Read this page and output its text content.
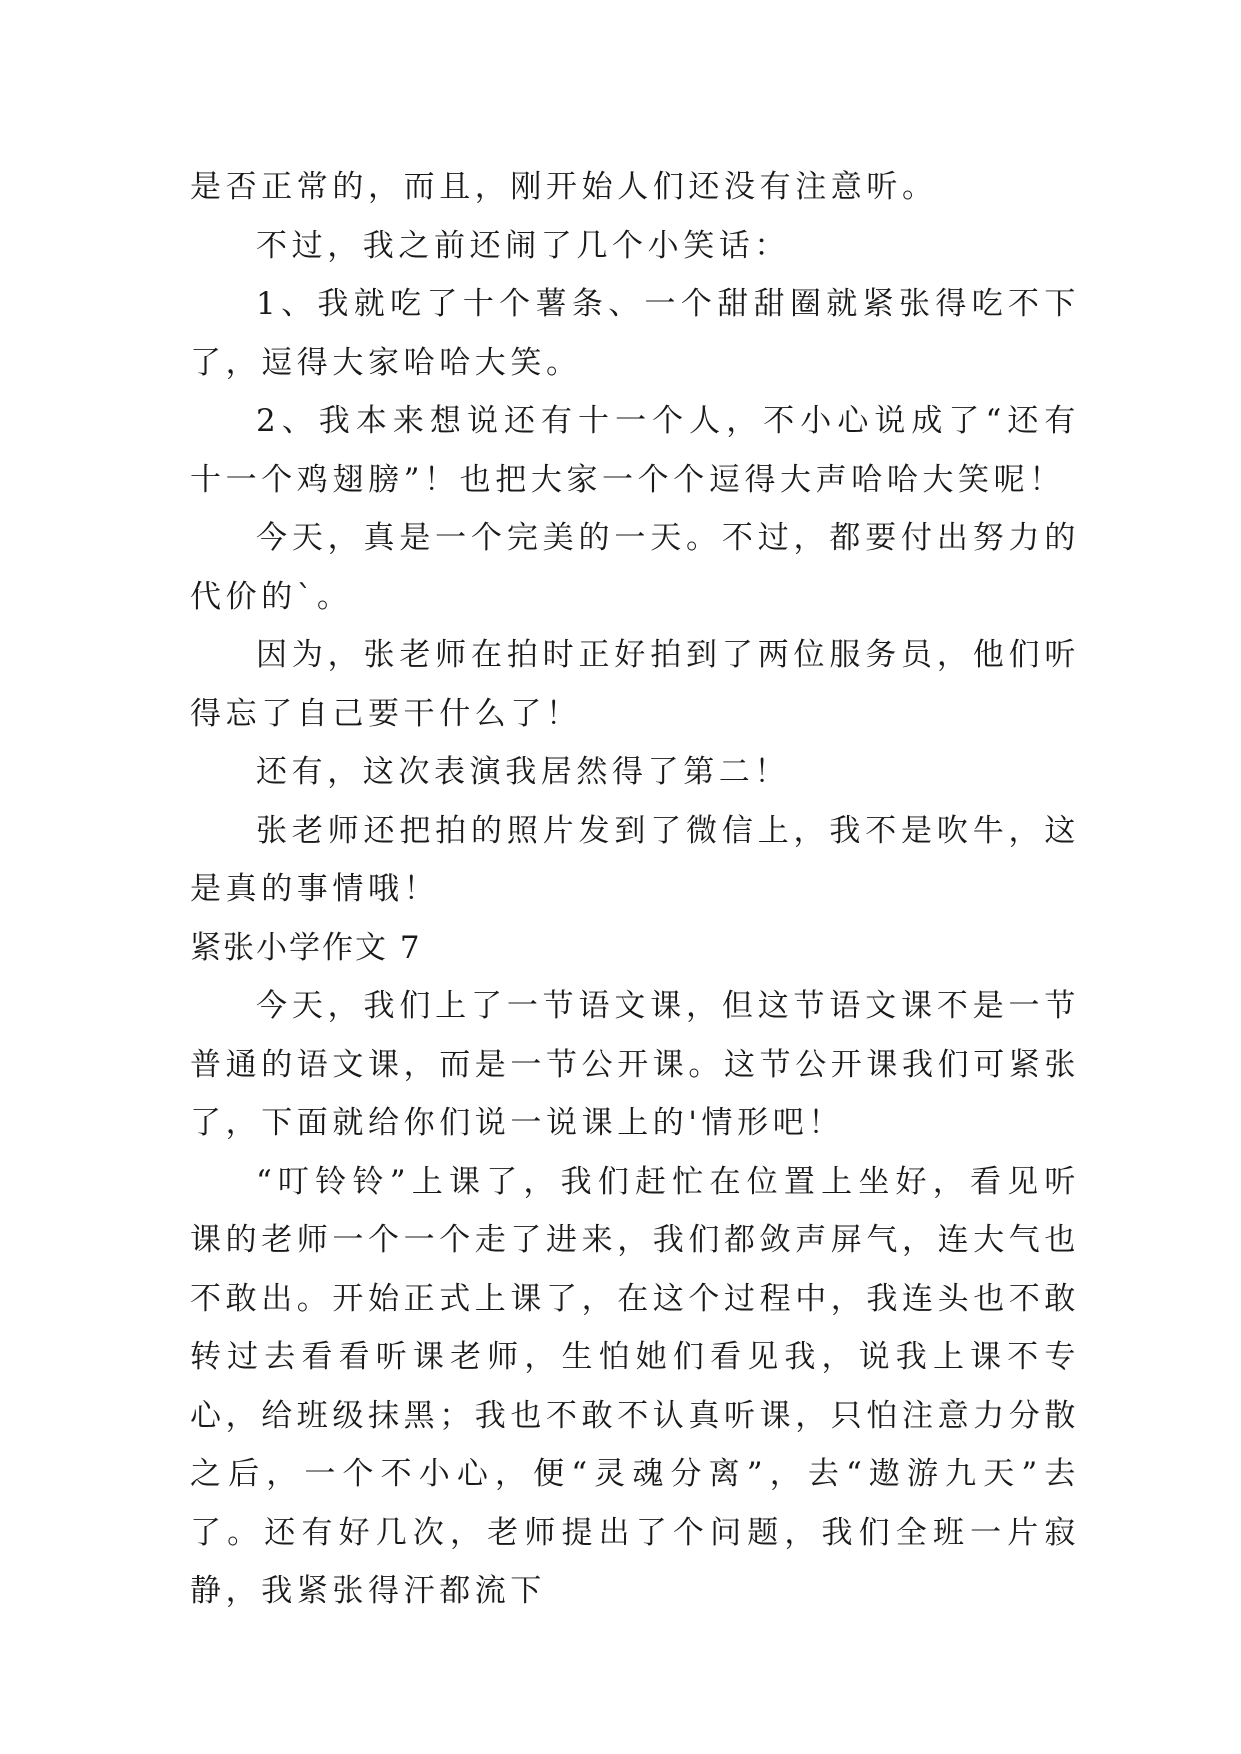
是否正常的，而且，刚开始人们还没有注意听。

不过，我之前还闹了几个小笑话：

1、我就吃了十个薯条、一个甜甜圈就紧张得吃不下了，逗得大家哈哈大笑。

2、我本来想说还有十一个人，不小心说成了“还有十一个鸡翅膀”！也把大家一个个逗得大声哈哈大笑呢！

今天，真是一个完美的一天。不过，都要付出努力的代价的`。

因为，张老师在拍时正好拍到了两位服务员，他们听得忘了自己要干什么了！

还有，这次表演我居然得了第二！

张老师还把拍的照片发到了微信上，我不是吹牛，这是真的事情哦！

紧张小学作文 7

今天，我们上了一节语文课，但这节语文课不是一节普通的语文课，而是一节公开课。这节公开课我们可紧张了，下面就给你们说一说课上的'情形吧！

“叮铃铃”上课了，我们赶忙在位置上坐好，看见听课的老师一个一个走了进来，我们都敛声屏气，连大气也不敢出。开始正式上课了，在这个过程中，我连头也不敢转过去看看听课老师，生怕她们看见我，说我上课不专心，给班级抹黑；我也不敢不认真听课，只怕注意力分散之后，一个不小心，便“灵魂分离”，去“遨游九天”去了。还有好几次，老师提出了个问题，我们全班一片寂静，我紧张得汗都流下
